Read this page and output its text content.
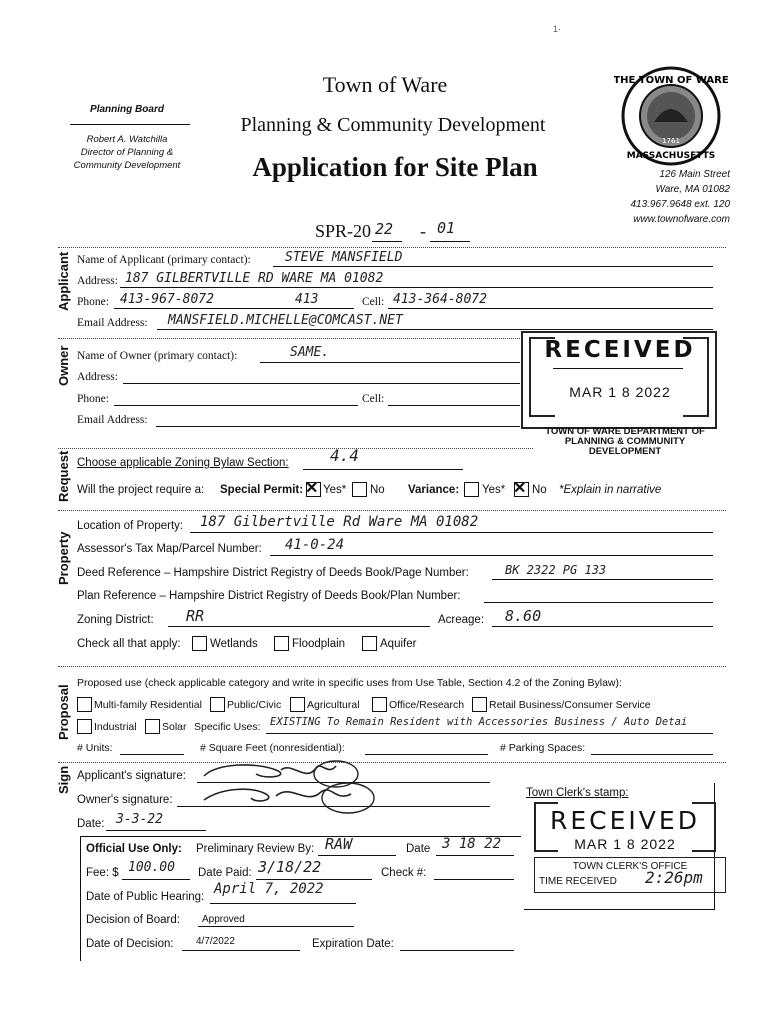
1·
Town of Ware
Planning & Community Development
Application for Site Plan
Planning Board
Robert A. Watchilla
Director of Planning &
Community Development
THE TOWN OF WARE
MASSACHUSETTS
1761
126 Main Street
Ware, MA 01082
413.967.9648 ext. 120
www.townofware.com
SPR-20 22 - 01
Applicant Name of Applicant (primary contact):	STEVE MANSFIELD
Address: 187 GILBERTVILLE RD WARE MA 01082
Phone: 413-967-8072	413	Cell: 413-364-8072
Email Address: MANSFIELD.MICHELLE@COMCAST.NET
Owner Name of Owner (primary contact):	SAME.
Address:
Phone:	Cell:
Email Address:
RECEIVED
MAR 1 8 2022
TOWN OF WARE DEPARTMENT OF
PLANNING & COMMUNITY DEVELOPMENT
Request Choose applicable Zoning Bylaw Section:	4.4
Will the project require a: Special Permit: ✕ Yes* No Variance: Yes* ✕ No *Explain in narrative
Property
Location of Property: 187 Gilbertville Rd Ware MA 01082
Assessor's Tax Map/Parcel Number: 41-0-24
Deed Reference – Hampshire District Registry of Deeds Book/Page Number:	BK 2322 PG 133
Plan Reference – Hampshire District Registry of Deeds Book/Plan Number:
Zoning District: RR	Acreage: 8.60
Check all that apply:	Wetlands	Floodplain	Aquifer
Proposal
Proposed use (check applicable category and write in specific uses from Use Table, Section 4.2 of the Zoning Bylaw):
Multi-family Residential Public/Civic Agricultural	Office/Research Retail Business/Consumer Service
Industrial Solar Specific Uses: EXISTING To Remain Resident with Accessories Business / Auto Detai
# Units:	# Square Feet (nonresidential):	# Parking Spaces:
Sign Applicant's signature:
Owner's signature:
Date: 3-3-22
Town Clerk's stamp:
Official Use Only: Preliminary Review By: RAW	Date 3 18 22
Fee: $ 100.00 Date Paid: 3/18/22	Check #:
Date of Public Hearing: April 7, 2022
Decision of Board: Approved
Date of Decision: 4/7/2022	Expiration Date:
RECEIVED
MAR 1 8 2022
TOWN CLERK'S OFFICE
TIME RECEIVED 2:26pm
